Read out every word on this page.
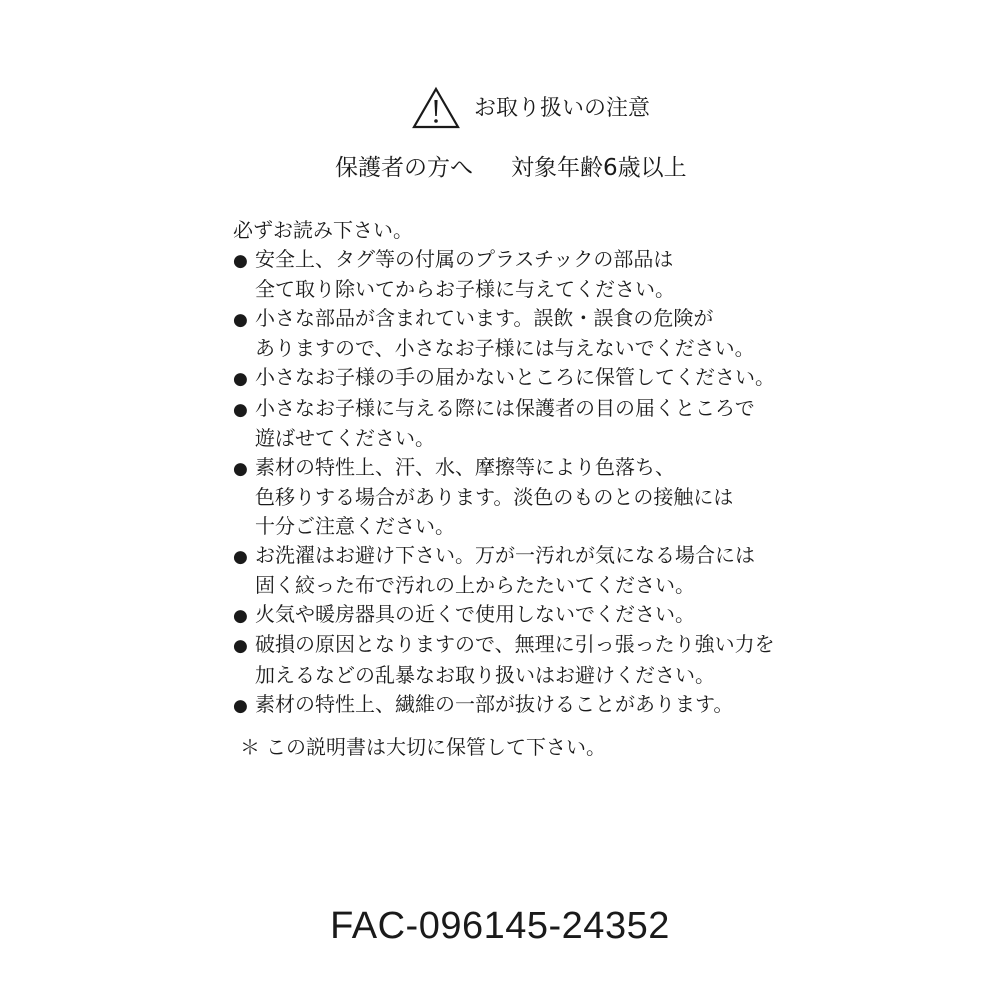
お取り扱いの注意
保護者の方へ 対象年齢6歳以上
必ずお読み下さい。
● 安全上、タグ等の付属のプラスチックの部品は
全て取り除いてからお子様に与えてください。
● 小さな部品が含まれています。誤飲・誤食の危険が
ありますので、小さなお子様には与えないでください。
● 小さなお子様の手の届かないところに保管してください。
● 小さなお子様に与える際には保護者の目の届くところで
遊ばせてください。
● 素材の特性上、汗、水、摩擦等により色落ち、
色移りする場合があります。淡色のものとの接触には
十分ご注意ください。
● お洗濯はお避け下さい。万が一汚れが気になる場合には
固く絞った布で汚れの上からたたいてください。
● 火気や暖房器具の近くで使用しないでください。
● 破損の原因となりますので、無理に引っ張ったり強い力を
加えるなどの乱暴なお取り扱いはお避けください。
● 素材の特性上、繊維の一部が抜けることがあります。
＊ この説明書は大切に保管して下さい。
FAC-096145-24352
